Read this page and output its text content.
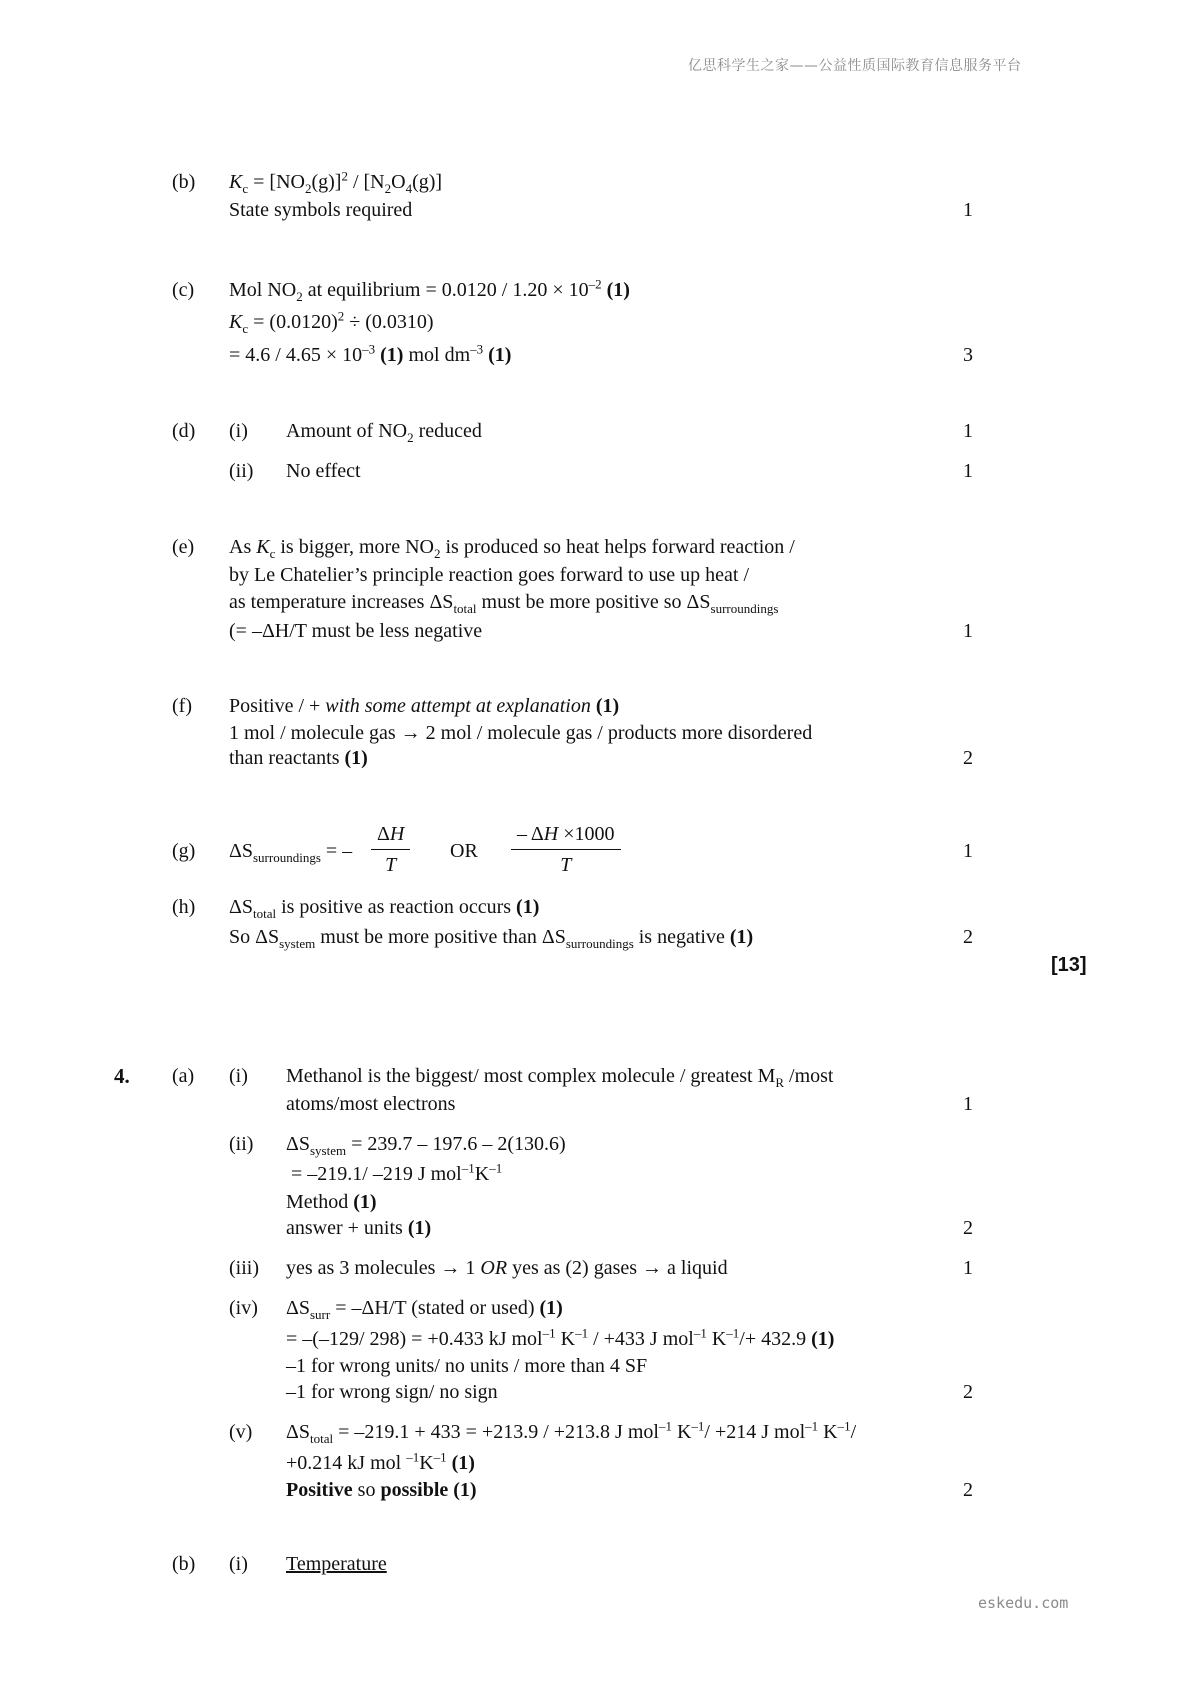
亿思科学生之家——公益性质国际教育信息服务平台
eskedu.com
(b) $K_c = [NO_2(g)]^2 / [N_2O_4(g)]$
State symbols required	1
(c) Mol $NO_2$ at equilibrium = $0.0120 / 1.20 \times 10^{-2}$ (1)
$K_c = (0.0120)^2 \div (0.0310)$
= $4.6 / 4.65 \times 10^{-3}$ (1) mol $dm^{-3}$ (1)	3
(d) (i) Amount of $NO_2$ reduced	1
(ii) No effect	1
(e) As $K_c$ is bigger, more $NO_2$ is produced so heat helps forward reaction /
by Le Chatelier’s principle reaction goes forward to use up heat /
as temperature increases $\Delta S_{total}$ must be more positive so $\Delta S_{surroundings}$
(= –ΔH/T must be less negative	1
(f) Positive / + with some attempt at explanation (1)
1 mol / molecule gas → 2 mol / molecule gas / products more disordered
than reactants (1)	2
(g) $\Delta S_{surroundings}$ = – $\frac{\Delta H}{T}$ OR $\frac{- \Delta H \times 1000}{T}$	1
(h) $\Delta S_{total}$ is positive as reaction occurs (1)
So $\Delta S_{system}$ must be more positive than $\Delta S_{surroundings}$ is negative (1)	2
[13]
4. (a) (i) Methanol is the biggest/ most complex molecule / greatest $M_R$ /most
atoms/most electrons	1
(ii) $\Delta S_{system} = 239.7 - 197.6 - 2(130.6)$
= –219.1/ –219 J $mol^{-1}K^{-1}$
Method (1)
answer + units (1)	2
(iii) yes as 3 molecules → 1 OR yes as (2) gases → a liquid	1
(iv) $\Delta S_{surr} = -\Delta H/T$ (stated or used) (1)
= –(–129/ 298) = +0.433 kJ mol$^{-1}$ $K^{-1} / +433$ J mol$^{-1}$ $K^{-1}/+ 432.9$ (1)
–1 for wrong units/ no units / more than 4 SF
–1 for wrong sign/ no sign	2
(v) $\Delta S_{total} = -219.1 + 433 = +213.9 / +213.8$ J mol$^{-1}$ $K^{-1}/ +214$ J mol$^{-1}$ $K^{-1}/$
+0.214 kJ mol $^{-1}K^{-1}$ (1)
Positive so possible (1)	2
(b) (i) Temperature
